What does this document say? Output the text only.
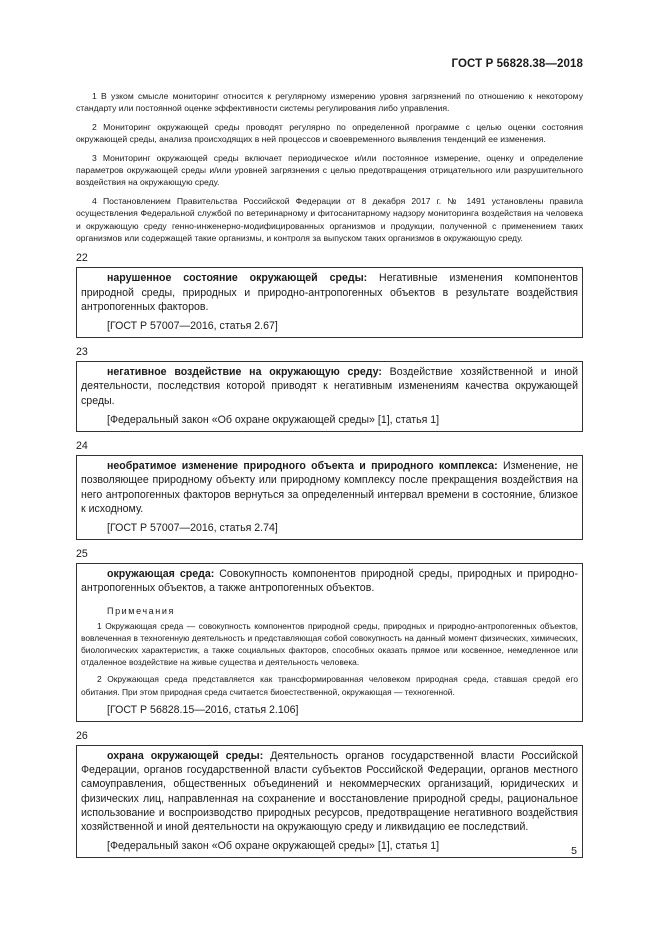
ГОСТ Р 56828.38—2018

1 В узком смысле мониторинг относится к регулярному измерению уровня загрязнений по отношению к некоторому стандарту или постоянной оценке эффективности системы регулирования либо управления.

2 Мониторинг окружающей среды проводят регулярно по определенной программе с целью оценки состояния окружающей среды, анализа происходящих в ней процессов и своевременного выявления тенденций ее изменения.

3 Мониторинг окружающей среды включает периодическое и/или постоянное измерение, оценку и определение параметров окружающей среды и/или уровней загрязнения с целью предотвращения отрицательного или разрушительного воздействия на окружающую среду.

4 Постановлением Правительства Российской Федерации от 8 декабря 2017 г. № 1491 установлены правила осуществления Федеральной службой по ветеринарному и фитосанитарному надзору мониторинга воздействия на человека и окружающую среду генно-инженерно-модифицированных организмов и продукции, полученной с применением таких организмов или содержащей такие организмы, и контроля за выпуском таких организмов в окружающую среду.

22

нарушенное состояние окружающей среды: Негативные изменения компонентов природной среды, природных и природно-антропогенных объектов в результате воздействия антропогенных факторов.

[ГОСТ Р 57007—2016, статья 2.67]

23

негативное воздействие на окружающую среду: Воздействие хозяйственной и иной деятельности, последствия которой приводят к негативным изменениям качества окружающей среды.

[Федеральный закон «Об охране окружающей среды» [1], статья 1]

24

необратимое изменение природного объекта и природного комплекса: Изменение, не позволяющее природному объекту или природному комплексу после прекращения воздействия на него антропогенных факторов вернуться за определенный интервал времени в состояние, близкое к исходному.

[ГОСТ Р 57007—2016, статья 2.74]

25

окружающая среда: Совокупность компонентов природной среды, природных и природно-антропогенных объектов, а также антропогенных объектов.

Примечания

1 Окружающая среда — совокупность компонентов природной среды, природных и природно-антропогенных объектов, вовлеченная в техногенную деятельность и представляющая собой совокупность на данный момент физических, химических, биологических характеристик, а также социальных факторов, способных оказать прямое или косвенное, немедленное или отдаленное воздействие на живые существа и деятельность человека.

2 Окружающая среда представляется как трансформированная человеком природная среда, ставшая средой его обитания. При этом природная среда считается биоестественной, окружающая — техногенной.

[ГОСТ Р 56828.15—2016, статья 2.106]

26

охрана окружающей среды: Деятельность органов государственной власти Российской Федерации, органов государственной власти субъектов Российской Федерации, органов местного самоуправления, общественных объединений и некоммерческих организаций, юридических и физических лиц, направленная на сохранение и восстановление природной среды, рациональное использование и воспроизводство природных ресурсов, предотвращение негативного воздействия хозяйственной и иной деятельности на окружающую среду и ликвидацию ее последствий.

[Федеральный закон «Об охране окружающей среды» [1], статья 1]	5
